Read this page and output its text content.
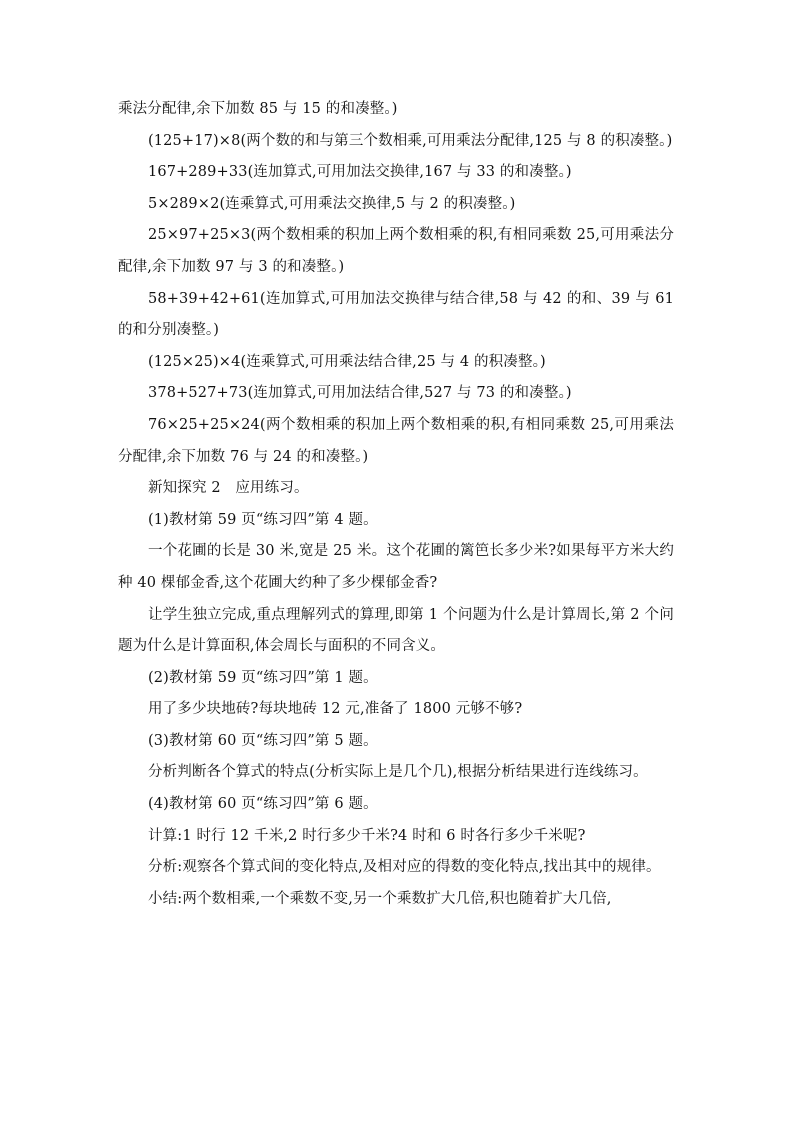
乘法分配律,余下加数 85 与 15 的和凑整。)

(125+17)×8(两个数的和与第三个数相乘,可用乘法分配律,125 与 8 的积凑整。)

167+289+33(连加算式,可用加法交换律,167 与 33 的和凑整。)

5×289×2(连乘算式,可用乘法交换律,5 与 2 的积凑整。)

25×97+25×3(两个数相乘的积加上两个数相乘的积,有相同乘数 25,可用乘法分配律,余下加数 97 与 3 的和凑整。)

58+39+42+61(连加算式,可用加法交换律与结合律,58 与 42 的和、39 与 61 的和分别凑整。)

(125×25)×4(连乘算式,可用乘法结合律,25 与 4 的积凑整。)

378+527+73(连加算式,可用加法结合律,527 与 73 的和凑整。)

76×25+25×24(两个数相乘的积加上两个数相乘的积,有相同乘数 25,可用乘法分配律,余下加数 76 与 24 的和凑整。)

新知探究 2　应用练习。

(1)教材第 59 页“练习四”第 4 题。

一个花圃的长是 30 米,宽是 25 米。这个花圃的篱笆长多少米?如果每平方米大约种 40 棵郁金香,这个花圃大约种了多少棵郁金香?

让学生独立完成,重点理解列式的算理,即第 1 个问题为什么是计算周长,第 2 个问题为什么是计算面积,体会周长与面积的不同含义。

(2)教材第 59 页“练习四”第 1 题。

用了多少块地砖?每块地砖 12 元,准备了 1800 元够不够?

(3)教材第 60 页“练习四”第 5 题。

分析判断各个算式的特点(分析实际上是几个几),根据分析结果进行连线练习。

(4)教材第 60 页“练习四”第 6 题。

计算:1 时行 12 千米,2 时行多少千米?4 时和 6 时各行多少千米呢?

分析:观察各个算式间的变化特点,及相对应的得数的变化特点,找出其中的规律。

小结:两个数相乘,一个乘数不变,另一个乘数扩大几倍,积也随着扩大几倍,
